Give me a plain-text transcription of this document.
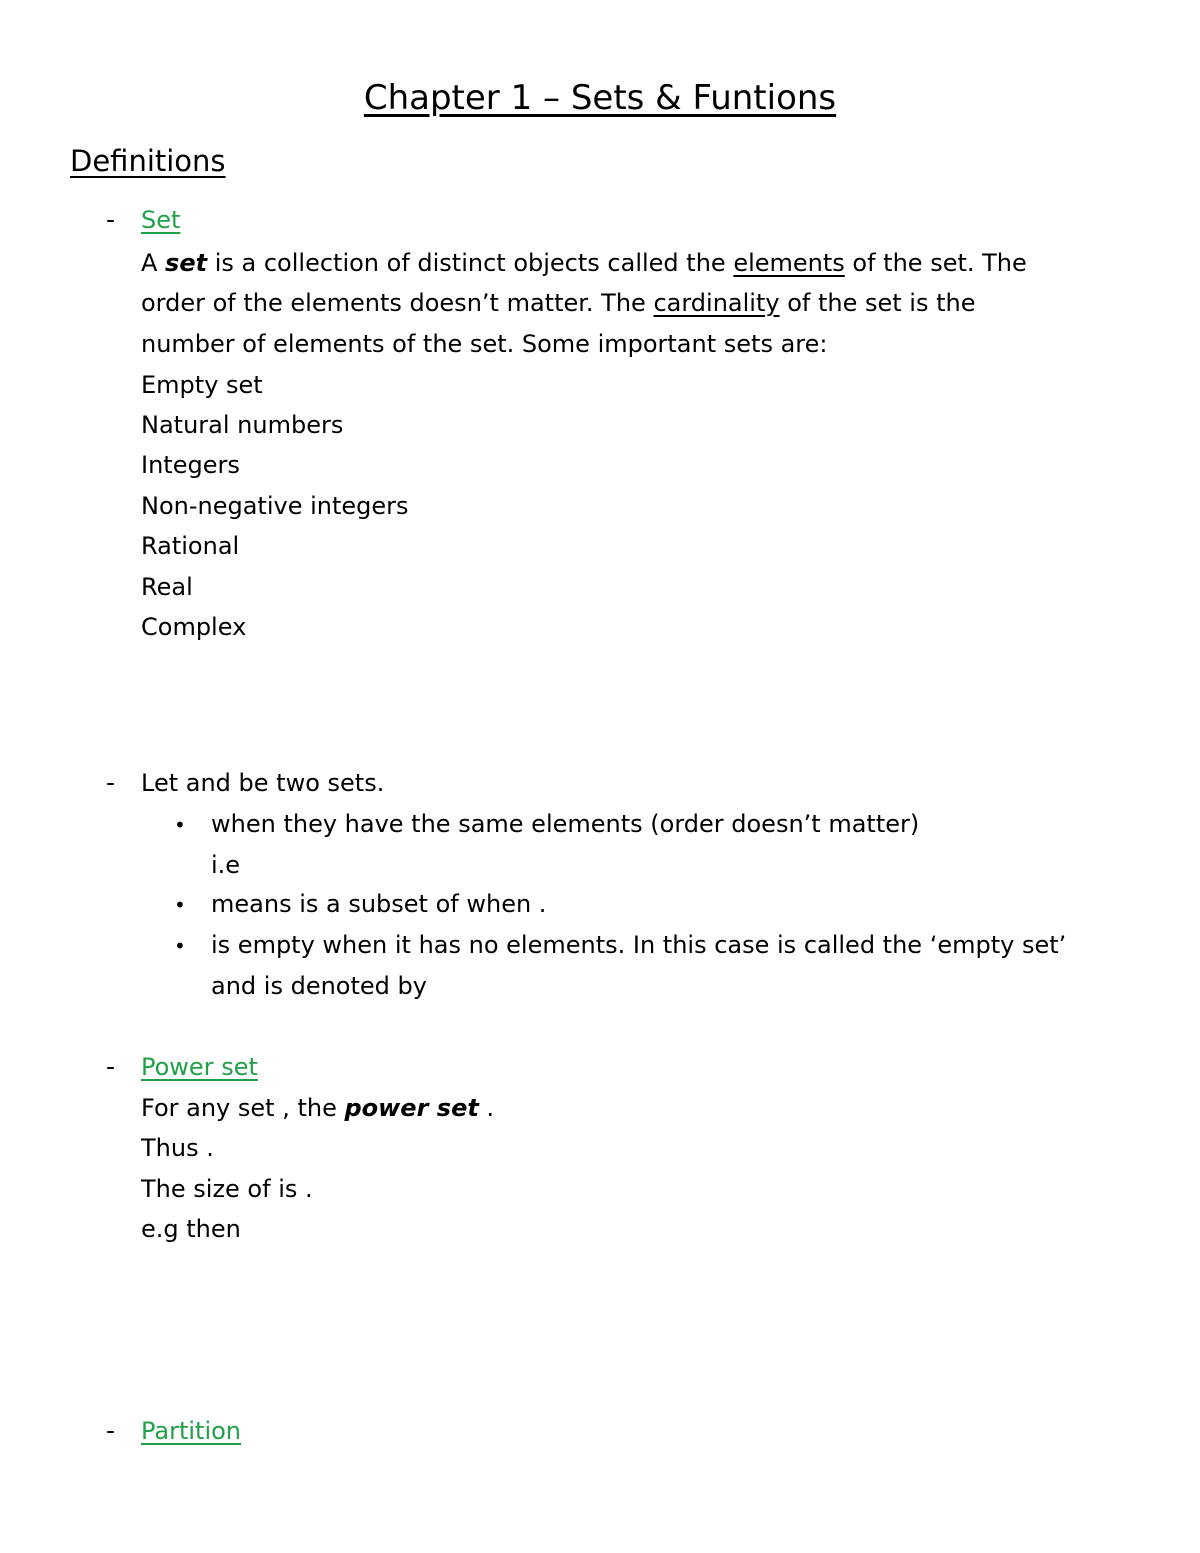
Chapter 1 – Sets & Funtions
Definitions
- Set
A set is a collection of distinct objects called the elements of the set. The
order of the elements doesn’t matter. The cardinality of the set is the
number of elements of the set. Some important sets are:
Empty set
Natural numbers
Integers
Non-negative integers
Rational
Real
Complex
- Let and be two sets.
• when they have the same elements (order doesn’t matter)
i.e
• means is a subset of when .
• is empty when it has no elements. In this case is called the ‘empty set’
and is denoted by
- Power set
For any set , the power set .
Thus .
The size of is .
e.g then
- Partition
